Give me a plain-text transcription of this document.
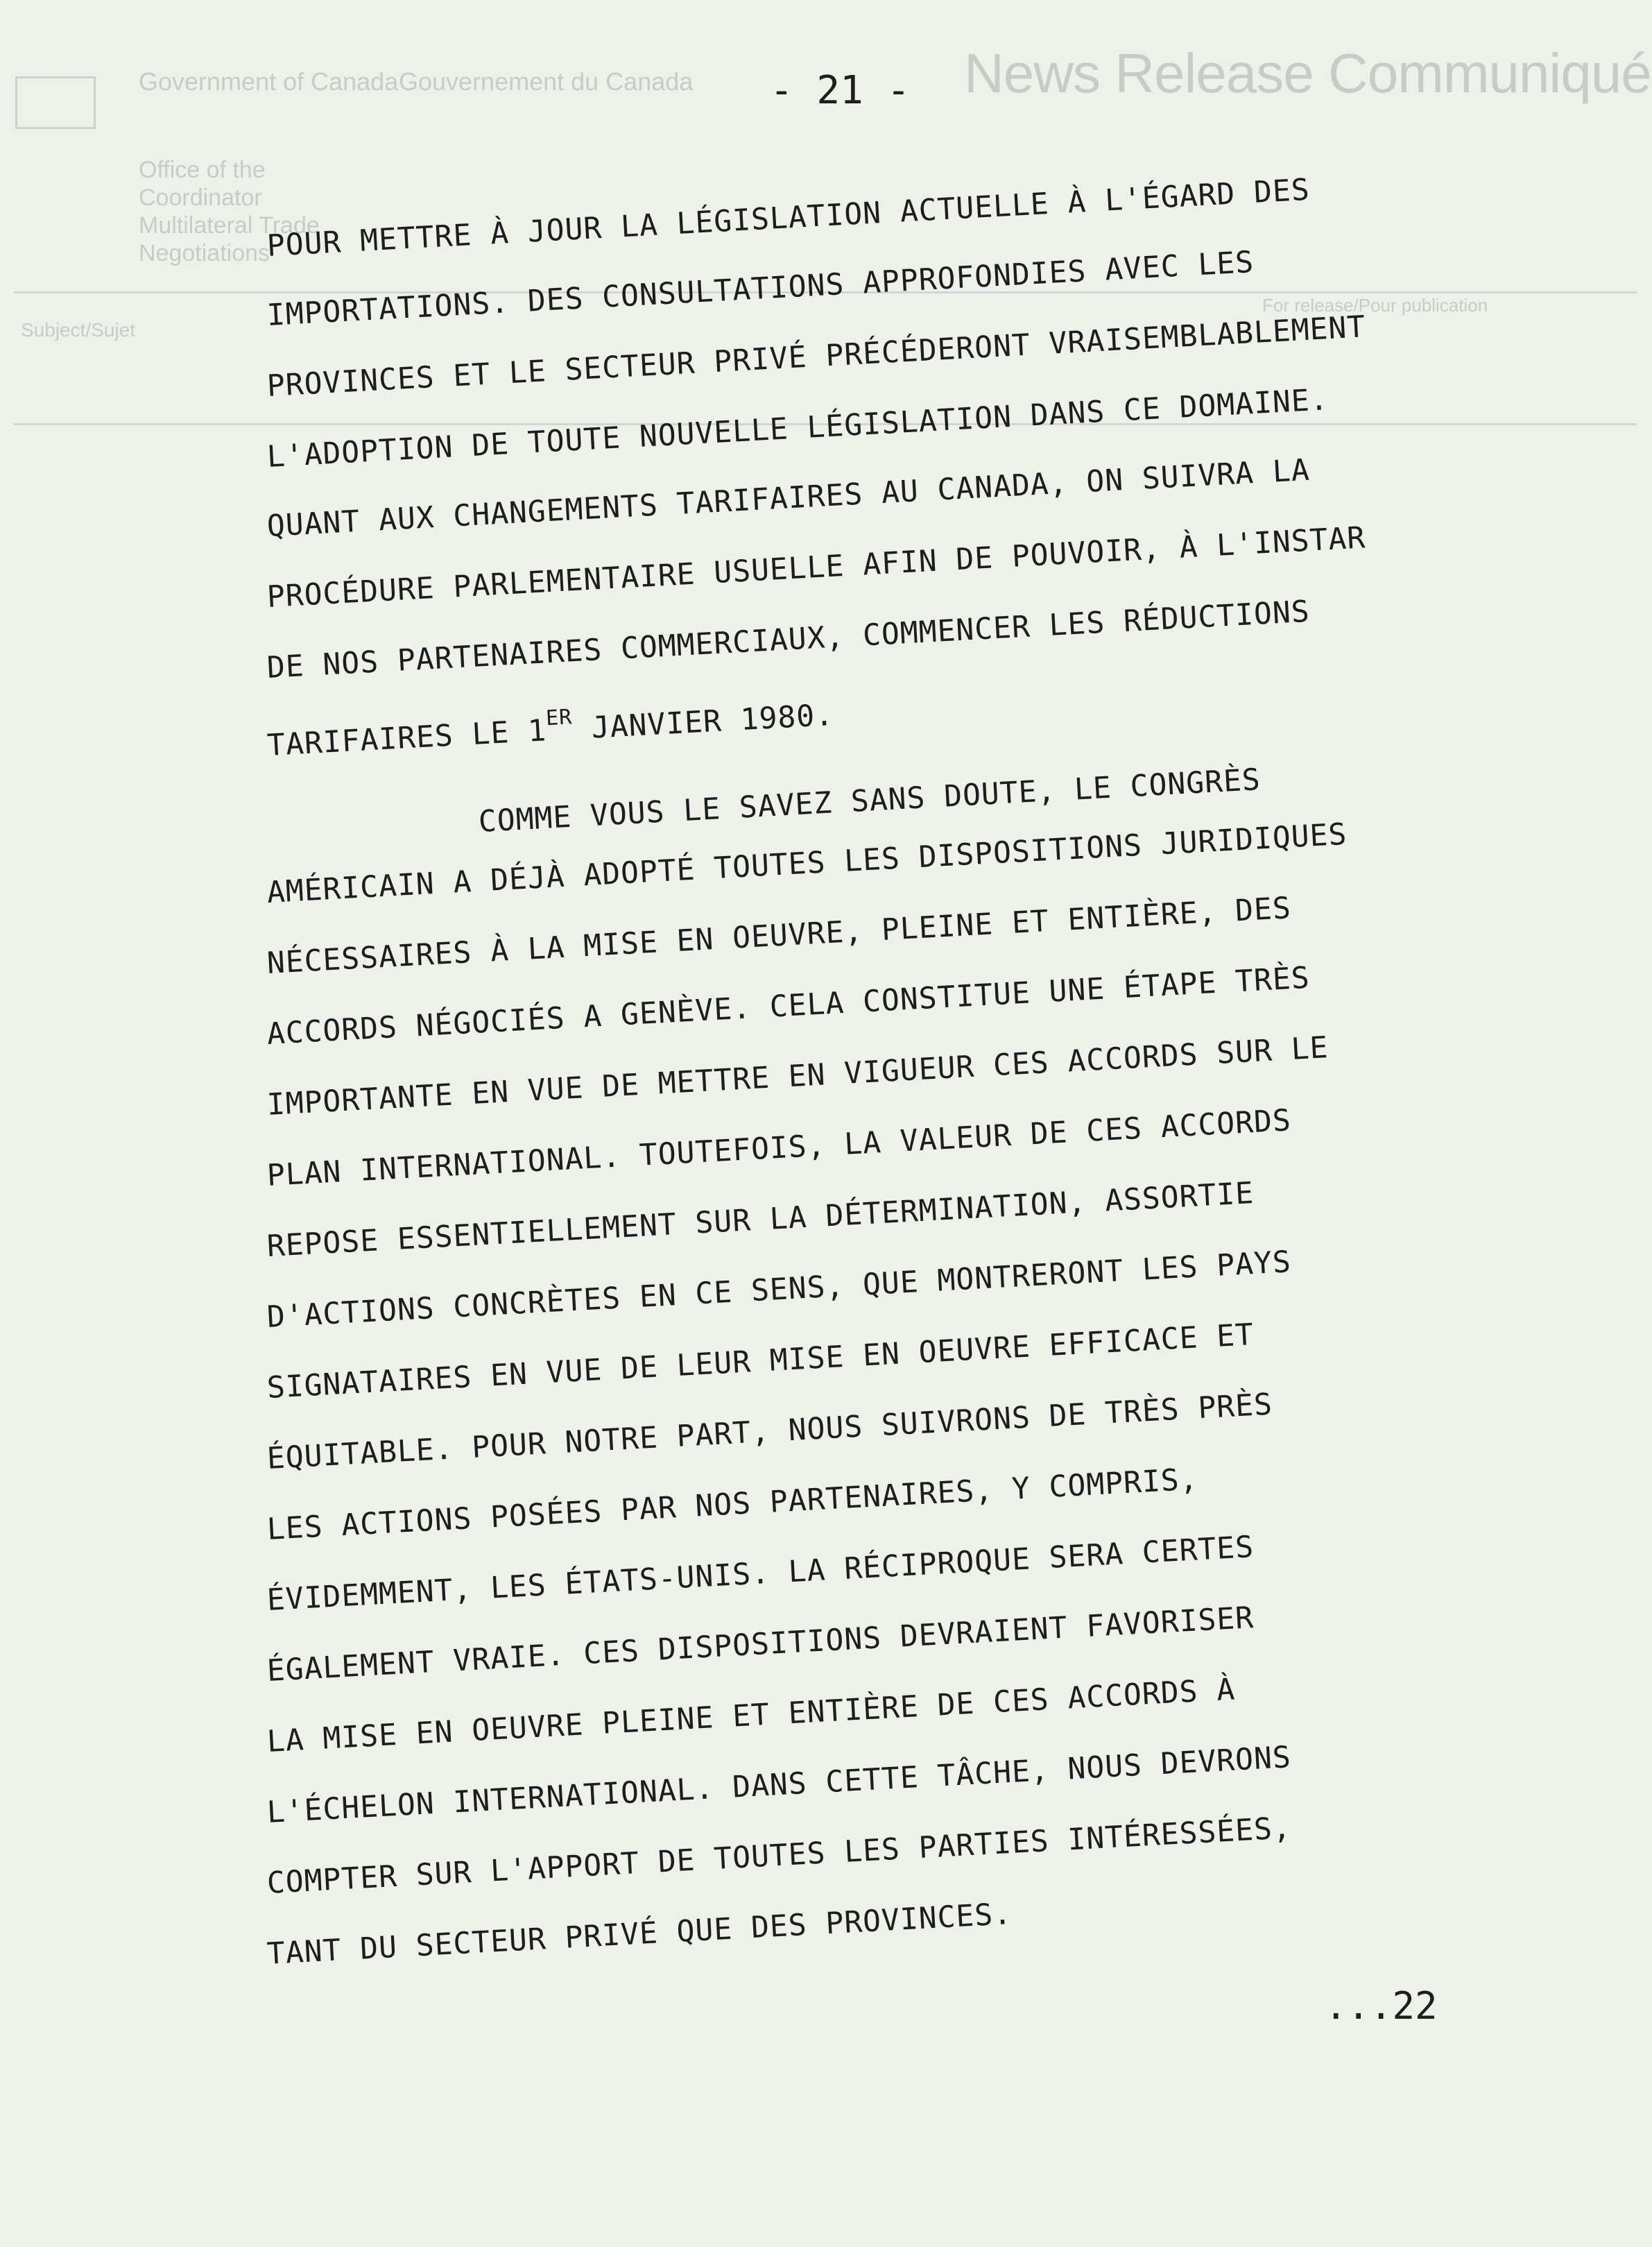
Government of Canada Gouvernement du Canada
Office of the Coordinator Multilateral Trade Negotiations
News Release Communiqué
Subject/Sujet
For release/Pour publication
- 21 -
POUR METTRE À JOUR LA LÉGISLATION ACTUELLE À L'ÉGARD DES
IMPORTATIONS. DES CONSULTATIONS APPROFONDIES AVEC LES
PROVINCES ET LE SECTEUR PRIVÉ PRÉCÉDERONT VRAISEMBLABLEMENT
L'ADOPTION DE TOUTE NOUVELLE LÉGISLATION DANS CE DOMAINE.
QUANT AUX CHANGEMENTS TARIFAIRES AU CANADA, ON SUIVRA LA
PROCÉDURE PARLEMENTAIRE USUELLE AFIN DE POUVOIR, À L'INSTAR
DE NOS PARTENAIRES COMMERCIAUX, COMMENCER LES RÉDUCTIONS
TARIFAIRES LE 1ER JANVIER 1980.
COMME VOUS LE SAVEZ SANS DOUTE, LE CONGRÈS
AMÉRICAIN A DÉJÀ ADOPTÉ TOUTES LES DISPOSITIONS JURIDIQUES
NÉCESSAIRES À LA MISE EN OEUVRE, PLEINE ET ENTIÈRE, DES
ACCORDS NÉGOCIÉS A GENÈVE. CELA CONSTITUE UNE ÉTAPE TRÈS
IMPORTANTE EN VUE DE METTRE EN VIGUEUR CES ACCORDS SUR LE
PLAN INTERNATIONAL. TOUTEFOIS, LA VALEUR DE CES ACCORDS
REPOSE ESSENTIELLEMENT SUR LA DÉTERMINATION, ASSORTIE
D'ACTIONS CONCRÈTES EN CE SENS, QUE MONTRERONT LES PAYS
SIGNATAIRES EN VUE DE LEUR MISE EN OEUVRE EFFICACE ET
ÉQUITABLE. POUR NOTRE PART, NOUS SUIVRONS DE TRÈS PRÈS
LES ACTIONS POSÉES PAR NOS PARTENAIRES, Y COMPRIS,
ÉVIDEMMENT, LES ÉTATS-UNIS. LA RÉCIPROQUE SERA CERTES
ÉGALEMENT VRAIE. CES DISPOSITIONS DEVRAIENT FAVORISER
LA MISE EN OEUVRE PLEINE ET ENTIÈRE DE CES ACCORDS À
L'ÉCHELON INTERNATIONAL. DANS CETTE TÂCHE, NOUS DEVRONS
COMPTER SUR L'APPORT DE TOUTES LES PARTIES INTÉRESSÉES,
TANT DU SECTEUR PRIVÉ QUE DES PROVINCES.
...22
